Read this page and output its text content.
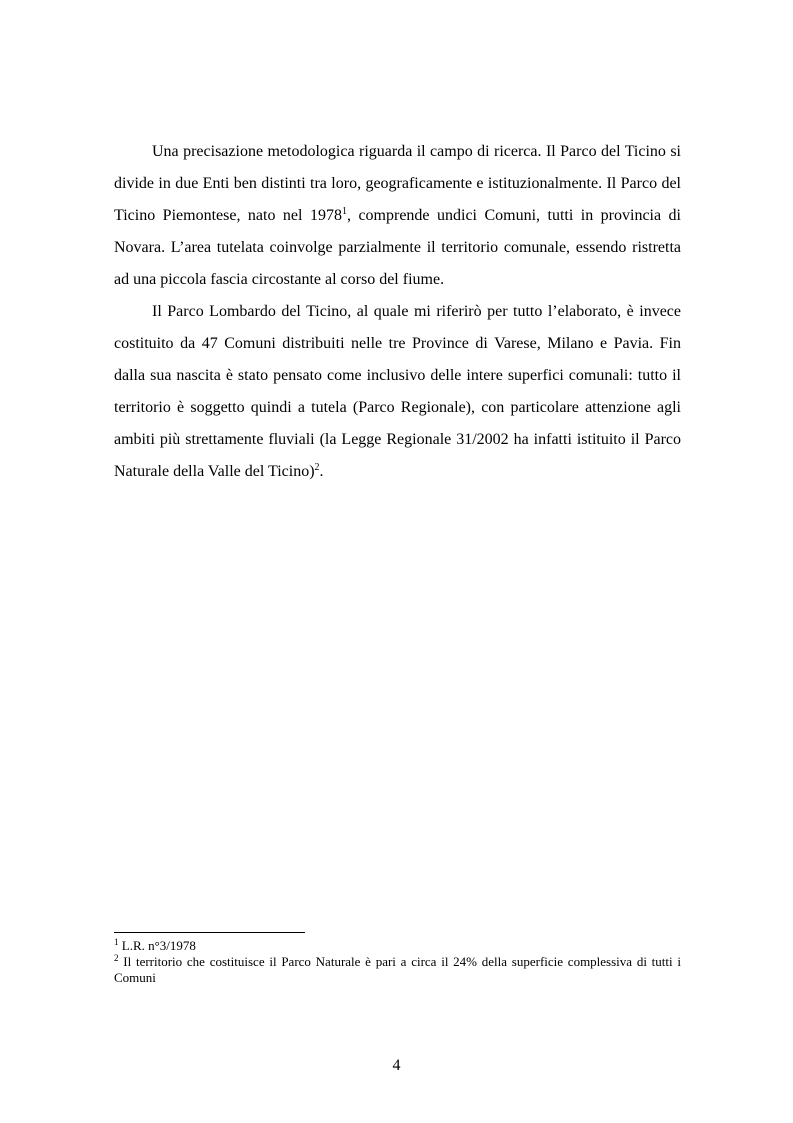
Una precisazione metodologica riguarda il campo di ricerca. Il Parco del Ticino si divide in due Enti ben distinti tra loro, geograficamente e istituzionalmente. Il Parco del Ticino Piemontese, nato nel 1978$^1$, comprende undici Comuni, tutti in provincia di Novara. L’area tutelata coinvolge parzialmente il territorio comunale, essendo ristretta ad una piccola fascia circostante al corso del fiume.

Il Parco Lombardo del Ticino, al quale mi riferirò per tutto l’elaborato, è invece costituito da 47 Comuni distribuiti nelle tre Province di Varese, Milano e Pavia. Fin dalla sua nascita è stato pensato come inclusivo delle intere superfici comunali: tutto il territorio è soggetto quindi a tutela (Parco Regionale), con particolare attenzione agli ambiti più strettamente fluviali (la Legge Regionale 31/2002 ha infatti istituito il Parco Naturale della Valle del Ticino)$^2$.

$^1$ L.R. n°3/1978

$^2$ Il territorio che costituisce il Parco Naturale è pari a circa il 24% della superficie complessiva di tutti i Comuni

4
